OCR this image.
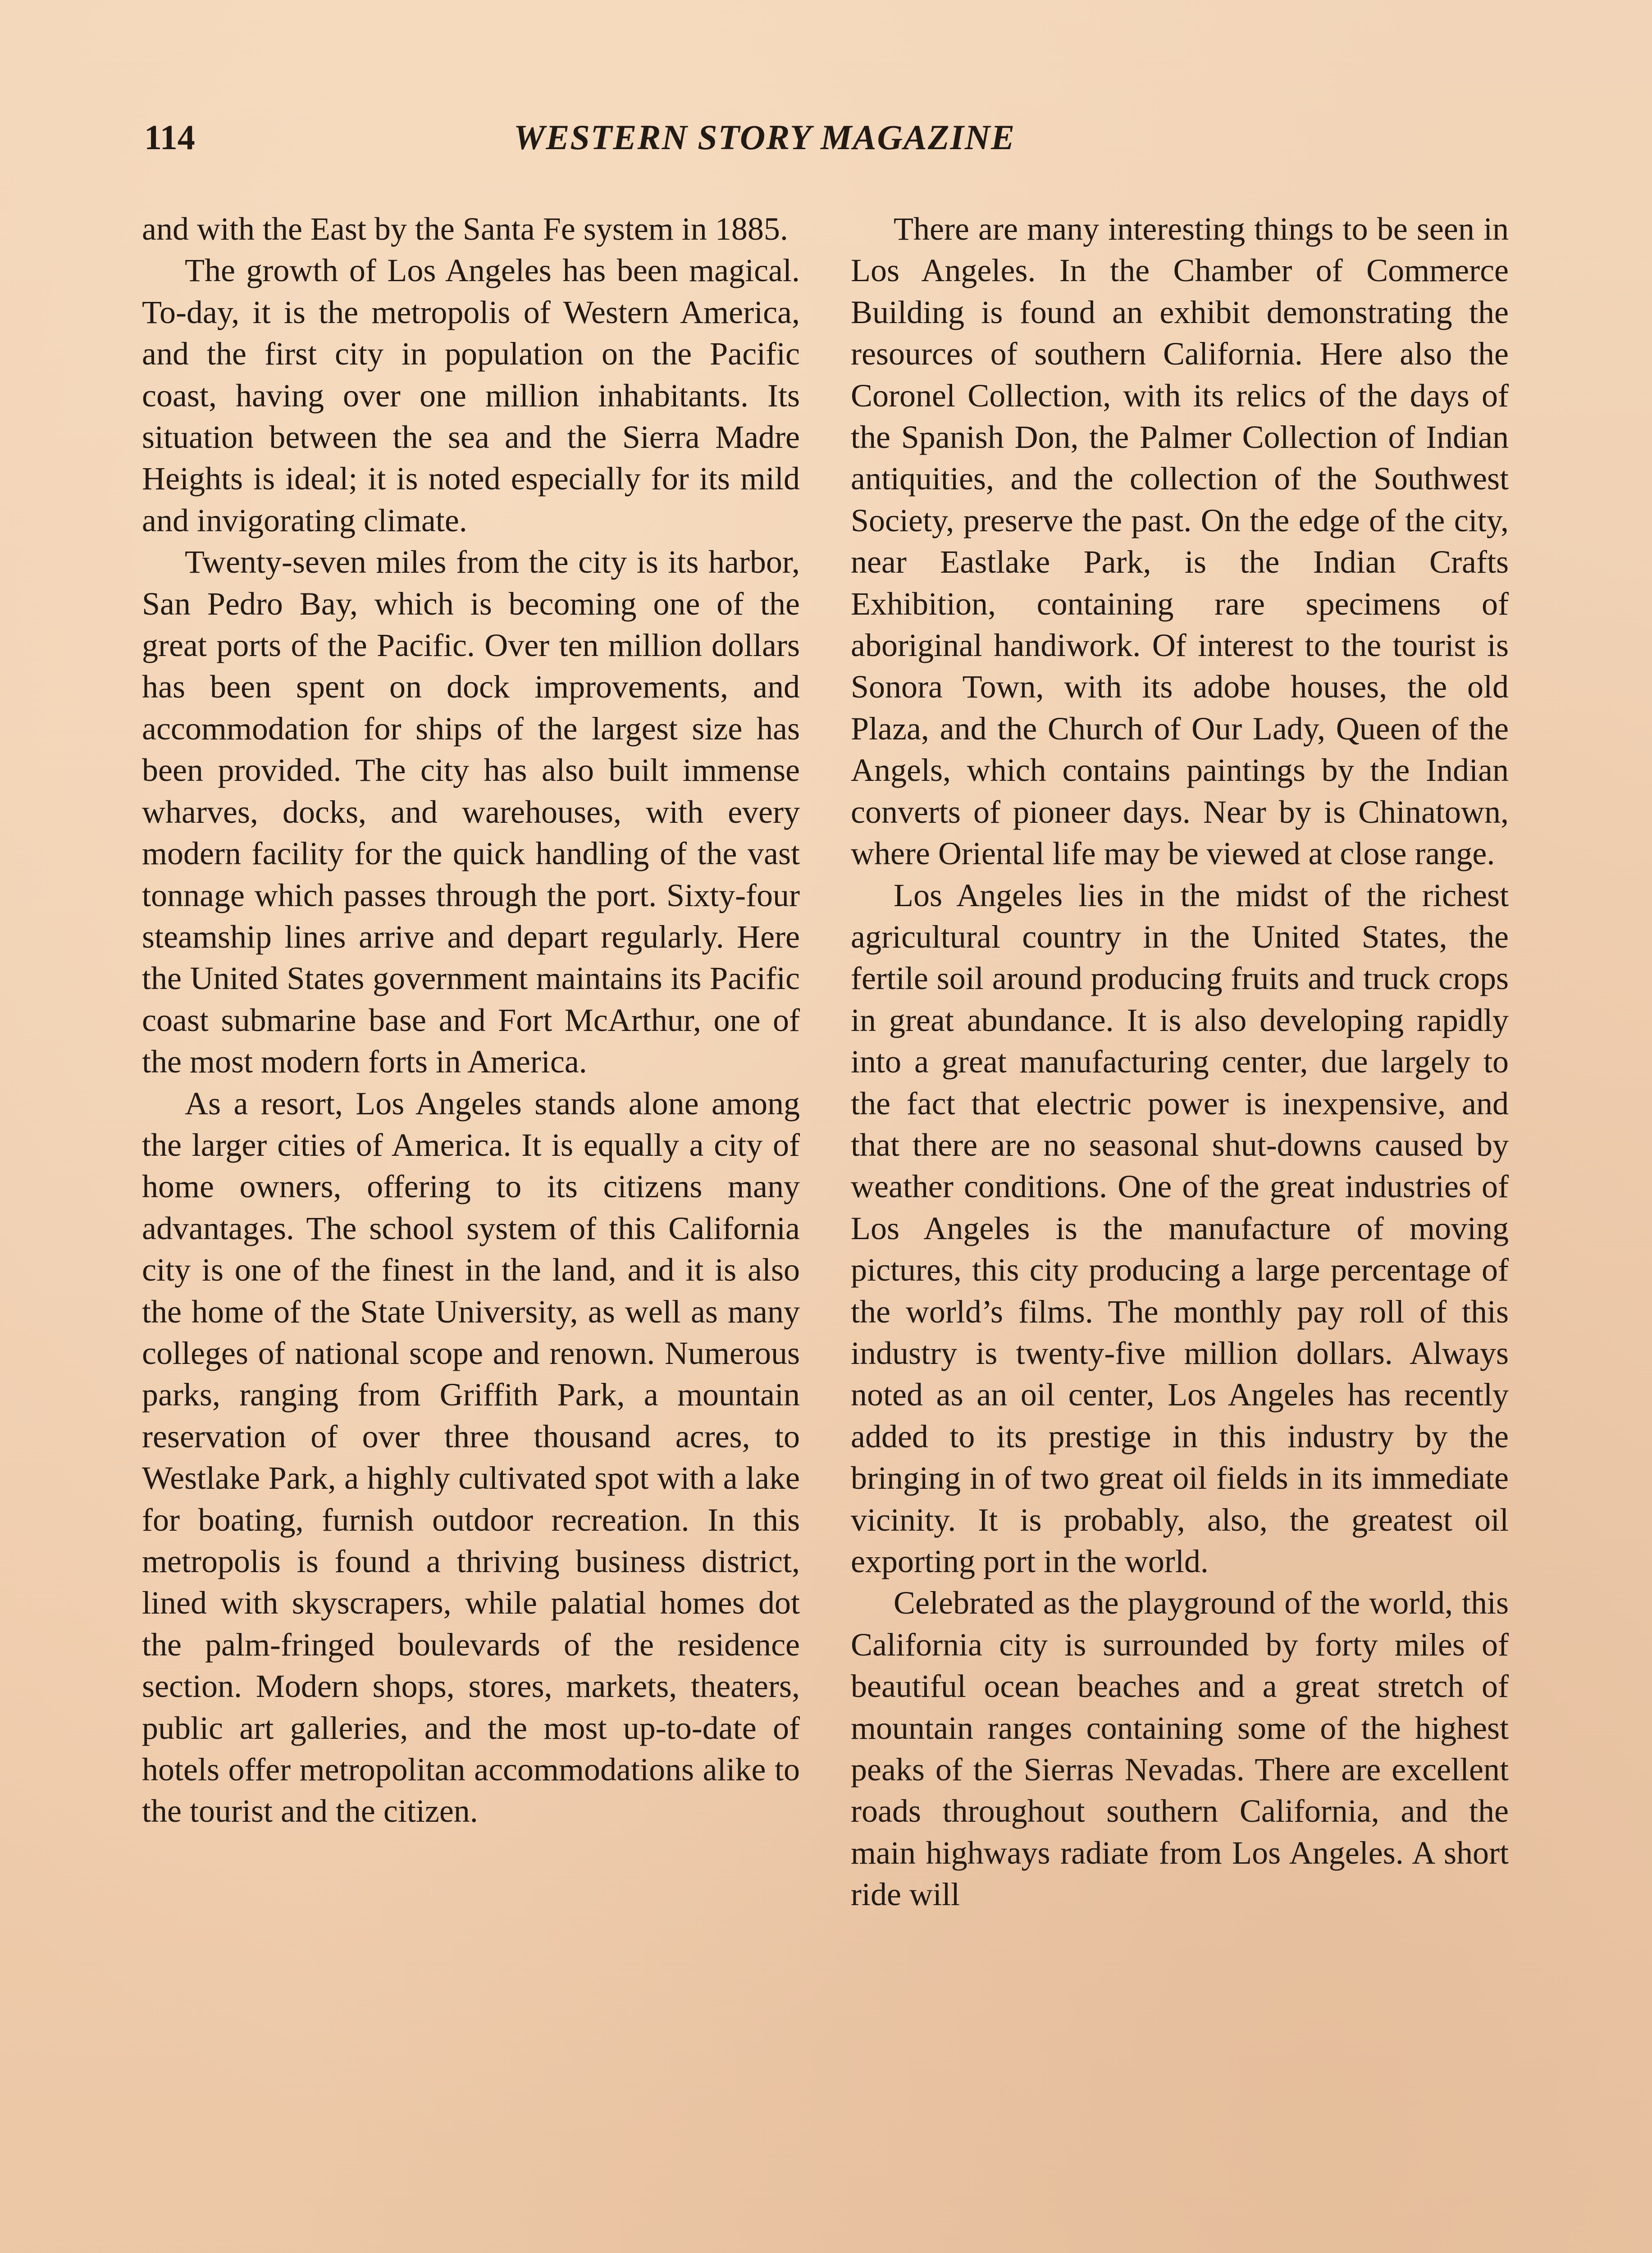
114	WESTERN STORY MAGAZINE

and with the East by the Santa Fe system in 1885.

The growth of Los Angeles has been magical. To-day, it is the metropolis of Western America, and the first city in population on the Pacific coast, having over one million inhabitants. Its situation between the sea and the Sierra Madre Heights is ideal; it is noted especially for its mild and invigorating climate.

Twenty-seven miles from the city is its harbor, San Pedro Bay, which is becoming one of the great ports of the Pacific. Over ten million dollars has been spent on dock improvements, and accommodation for ships of the largest size has been provided. The city has also built immense wharves, docks, and warehouses, with every modern facility for the quick handling of the vast tonnage which passes through the port. Sixty-four steamship lines arrive and depart regularly. Here the United States government maintains its Pacific coast submarine base and Fort McArthur, one of the most modern forts in America.

As a resort, Los Angeles stands alone among the larger cities of America. It is equally a city of home owners, offering to its citizens many advantages. The school system of this California city is one of the finest in the land, and it is also the home of the State University, as well as many colleges of national scope and renown. Numerous parks, ranging from Griffith Park, a mountain reservation of over three thousand acres, to Westlake Park, a highly cultivated spot with a lake for boating, furnish outdoor recreation. In this metropolis is found a thriving business district, lined with skyscrapers, while palatial homes dot the palm-fringed boulevards of the residence section. Modern shops, stores, markets, theaters, public art galleries, and the most up-to-date of hotels offer metropolitan accommodations alike to the tourist and the citizen.

There are many interesting things to be seen in Los Angeles. In the Chamber of Commerce Building is found an exhibit demonstrating the resources of southern California. Here also the Coronel Collection, with its relics of the days of the Spanish Don, the Palmer Collection of Indian antiquities, and the collection of the Southwest Society, preserve the past. On the edge of the city, near Eastlake Park, is the Indian Crafts Exhibition, containing rare specimens of aboriginal handiwork. Of interest to the tourist is Sonora Town, with its adobe houses, the old Plaza, and the Church of Our Lady, Queen of the Angels, which contains paintings by the Indian converts of pioneer days. Near by is Chinatown, where Oriental life may be viewed at close range.

Los Angeles lies in the midst of the richest agricultural country in the United States, the fertile soil around producing fruits and truck crops in great abundance. It is also developing rapidly into a great manufacturing center, due largely to the fact that electric power is inexpensive, and that there are no seasonal shut-downs caused by weather conditions. One of the great industries of Los Angeles is the manufacture of moving pictures, this city producing a large percentage of the world’s films. The monthly pay roll of this industry is twenty-five million dollars. Always noted as an oil center, Los Angeles has recently added to its prestige in this industry by the bringing in of two great oil fields in its immediate vicinity. It is probably, also, the greatest oil exporting port in the world.

Celebrated as the playground of the world, this California city is surrounded by forty miles of beautiful ocean beaches and a great stretch of mountain ranges containing some of the highest peaks of the Sierras Nevadas. There are excellent roads throughout southern California, and the main highways radiate from Los Angeles. A short ride will
